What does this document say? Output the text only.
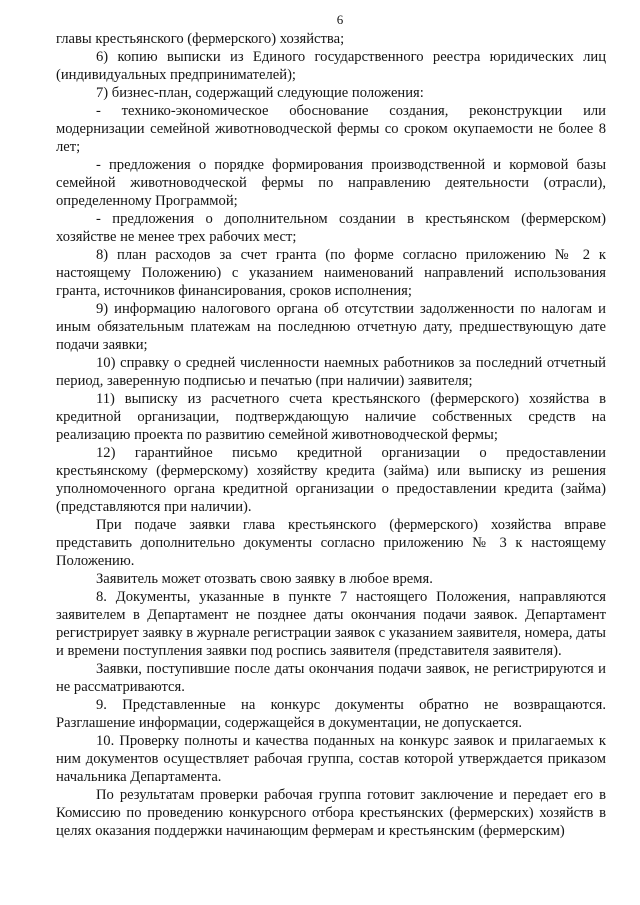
6

главы крестьянского (фермерского) хозяйства;

6) копию выписки из Единого государственного реестра юридических лиц (индивидуальных предпринимателей);

7) бизнес-план, содержащий следующие положения:

- технико-экономическое обоснование создания, реконструкции или модернизации семейной животноводческой фермы со сроком окупаемости не более 8 лет;

- предложения о порядке формирования производственной и кормовой базы семейной животноводческой фермы по направлению деятельности (отрасли), определенному Программой;

- предложения о дополнительном создании в крестьянском (фермерском) хозяйстве не менее трех рабочих мест;

8) план расходов за счет гранта (по форме согласно приложению № 2 к настоящему Положению) с указанием наименований направлений использования гранта, источников финансирования, сроков исполнения;

9) информацию налогового органа об отсутствии задолженности по налогам и иным обязательным платежам на последнюю отчетную дату, предшествующую дате подачи заявки;

10) справку о средней численности наемных работников за последний отчетный период, заверенную подписью и печатью (при наличии) заявителя;

11) выписку из расчетного счета крестьянского (фермерского) хозяйства в кредитной организации, подтверждающую наличие собственных средств на реализацию проекта по развитию семейной животноводческой фермы;

12) гарантийное письмо кредитной организации о предоставлении крестьянскому (фермерскому) хозяйству кредита (займа) или выписку из решения уполномоченного органа кредитной организации о предоставлении кредита (займа) (представляются при наличии).

При подаче заявки глава крестьянского (фермерского) хозяйства вправе представить дополнительно документы согласно приложению № 3 к настоящему Положению.

Заявитель может отозвать свою заявку в любое время.

8. Документы, указанные в пункте 7 настоящего Положения, направляются заявителем в Департамент не позднее даты окончания подачи заявок. Департамент регистрирует заявку в журнале регистрации заявок с указанием заявителя, номера, даты и времени поступления заявки под роспись заявителя (представителя заявителя).

Заявки, поступившие после даты окончания подачи заявок, не регистрируются и не рассматриваются.

9. Представленные на конкурс документы обратно не возвращаются. Разглашение информации, содержащейся в документации, не допускается.

10. Проверку полноты и качества поданных на конкурс заявок и прилагаемых к ним документов осуществляет рабочая группа, состав которой утверждается приказом начальника Департамента.

По результатам проверки рабочая группа готовит заключение и передает его в Комиссию по проведению конкурсного отбора крестьянских (фермерских) хозяйств в целях оказания поддержки начинающим фермерам и крестьянским (фермерским)
